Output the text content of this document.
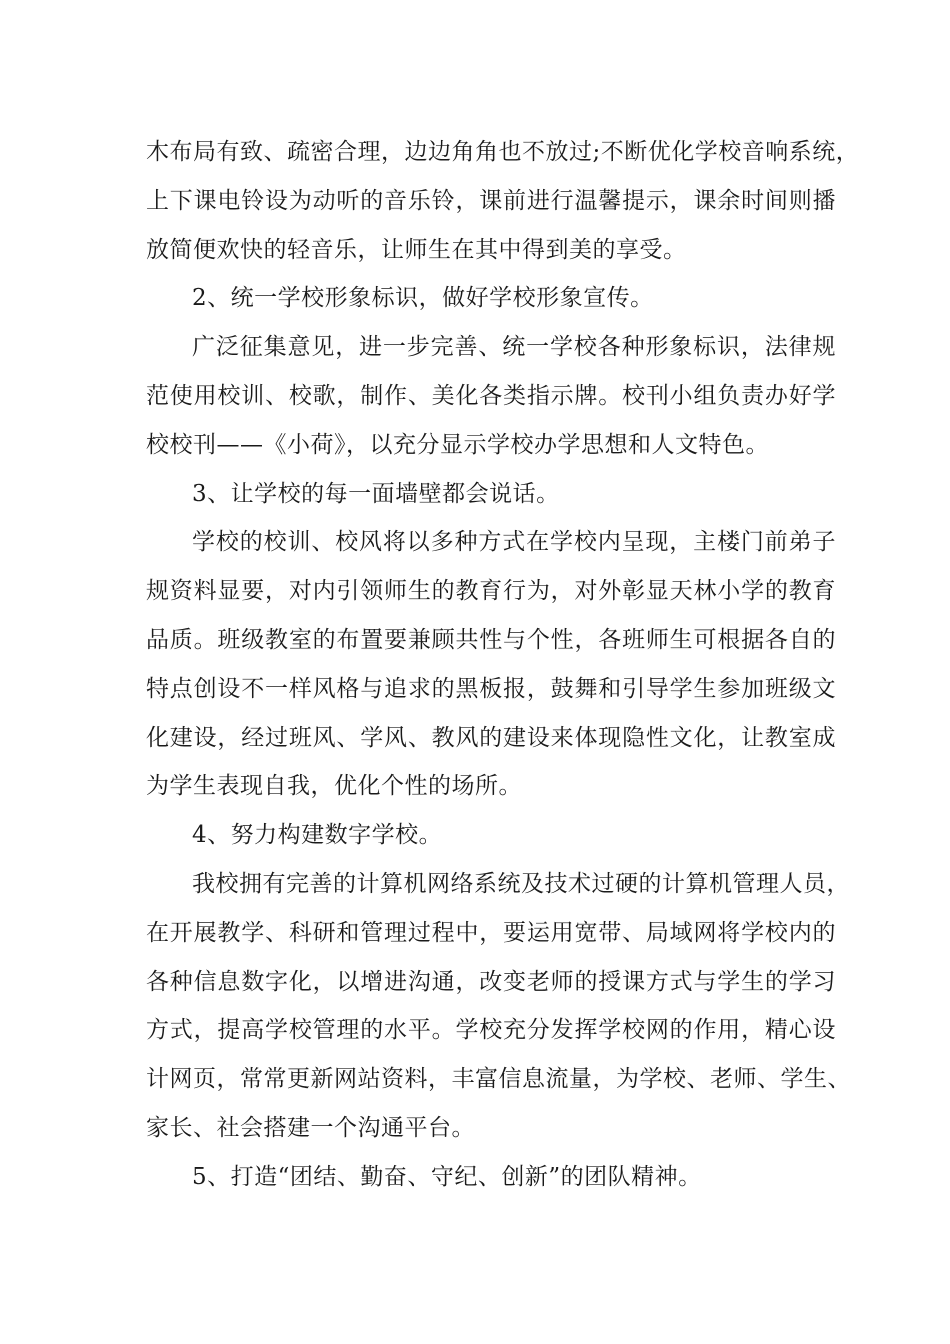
木布局有致、疏密合理，边边角角也不放过;不断优化学校音响系统，
上下课电铃设为动听的音乐铃，课前进行温馨提示，课余时间则播
放简便欢快的轻音乐，让师生在其中得到美的享受。
2、统一学校形象标识，做好学校形象宣传。
广泛征集意见，进一步完善、统一学校各种形象标识，法律规
范使用校训、校歌，制作、美化各类指示牌。校刊小组负责办好学
校校刊——《小荷》，以充分显示学校办学思想和人文特色。
3、让学校的每一面墙壁都会说话。
学校的校训、校风将以多种方式在学校内呈现，主楼门前弟子
规资料显要，对内引领师生的教育行为，对外彰显天林小学的教育
品质。班级教室的布置要兼顾共性与个性，各班师生可根据各自的
特点创设不一样风格与追求的黑板报，鼓舞和引导学生参加班级文
化建设，经过班风、学风、教风的建设来体现隐性文化，让教室成
为学生表现自我，优化个性的场所。
4、努力构建数字学校。
我校拥有完善的计算机网络系统及技术过硬的计算机管理人员，
在开展教学、科研和管理过程中，要运用宽带、局域网将学校内的
各种信息数字化，以增进沟通，改变老师的授课方式与学生的学习
方式，提高学校管理的水平。学校充分发挥学校网的作用，精心设
计网页，常常更新网站资料，丰富信息流量，为学校、老师、学生、
家长、社会搭建一个沟通平台。
5、打造“团结、勤奋、守纪、创新”的团队精神。
